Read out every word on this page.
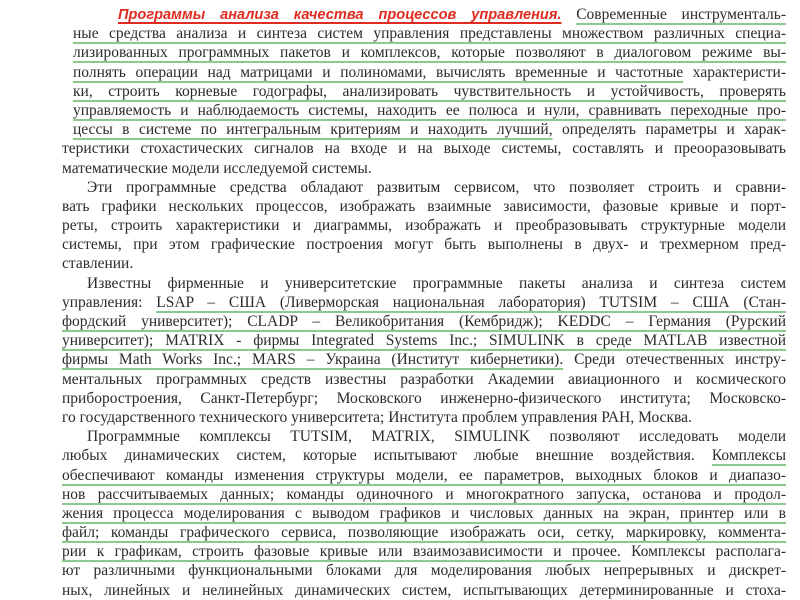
Программы анализа качества процессов управления. Современные инструменталь-
ные средства анализа и синтеза систем управления представлены множеством различных специа-
лизированных программных пакетов и комплексов, которые позволяют в диалоговом режиме вы-
полнять операции над матрицами и полиномами, вычислять временные и частотные характеристи-
ки, строить корневые годографы, анализировать чувствительность и устойчивость, проверять
управляемость и наблюдаемость системы, находить ее полюса и нули, сравнивать переходные про-
цессы в системе по интегральным критериям и находить лучший, определять параметры и харак-
теристики стохастических сигналов на входе и на выходе системы, составлять и преооразовывать
математические модели исследуемой системы.
Эти программные средства обладают развитым сервисом, что позволяет строить и сравни-
вать графики нескольких процессов, изображать взаимные зависимости, фазовые кривые и порт-
реты, строить характеристики и диаграммы, изображать и преобразовывать структурные модели
системы, при этом графические построения могут быть выполнены в двух- и трехмерном пред-
ставлении.
Известны фирменные и университетские программные пакеты анализа и синтеза систем
управления: LSAP – США (Ливерморская национальная лаборатория) TUTSIM – США (Стан-
фордский университет); CLADP – Великобритания (Кембридж); KEDDC – Германия (Рурский
университет); MATRIX - фирмы Integrated Systems Inc.; SIMULINK в среде MATLAB известной
фирмы Math Works Inc.; MARS – Украина (Институт кибернетики). Среди отечественных инстру-
ментальных программных средств известны разработки Академии авиационного и космического
приборостроения, Санкт-Петербург; Московского инженерно-физического института; Московско-
го государственного технического университета; Института проблем управления РАН, Москва.
Программные комплексы TUTSIM, MATRIX, SIMULINK позволяют исследовать модели
любых динамических систем, которые испытывают любые внешние воздействия. Комплексы
обеспечивают команды изменения структуры модели, ее параметров, выходных блоков и диапазо-
нов рассчитываемых данных; команды одиночного и многократного запуска, останова и продол-
жения процесса моделирования с выводом графиков и числовых данных на экран, принтер или в
файл; команды графического сервиса, позволяющие изображать оси, сетку, маркировку, коммента-
рии к графикам, строить фазовые кривые или взаимозависимости и прочее. Комплексы располага-
ют различными функциональными блоками для моделирования любых непрерывных и дискрет-
ных, линейных и нелинейных динамических систем, испытывающих детерминированные и стоха-
